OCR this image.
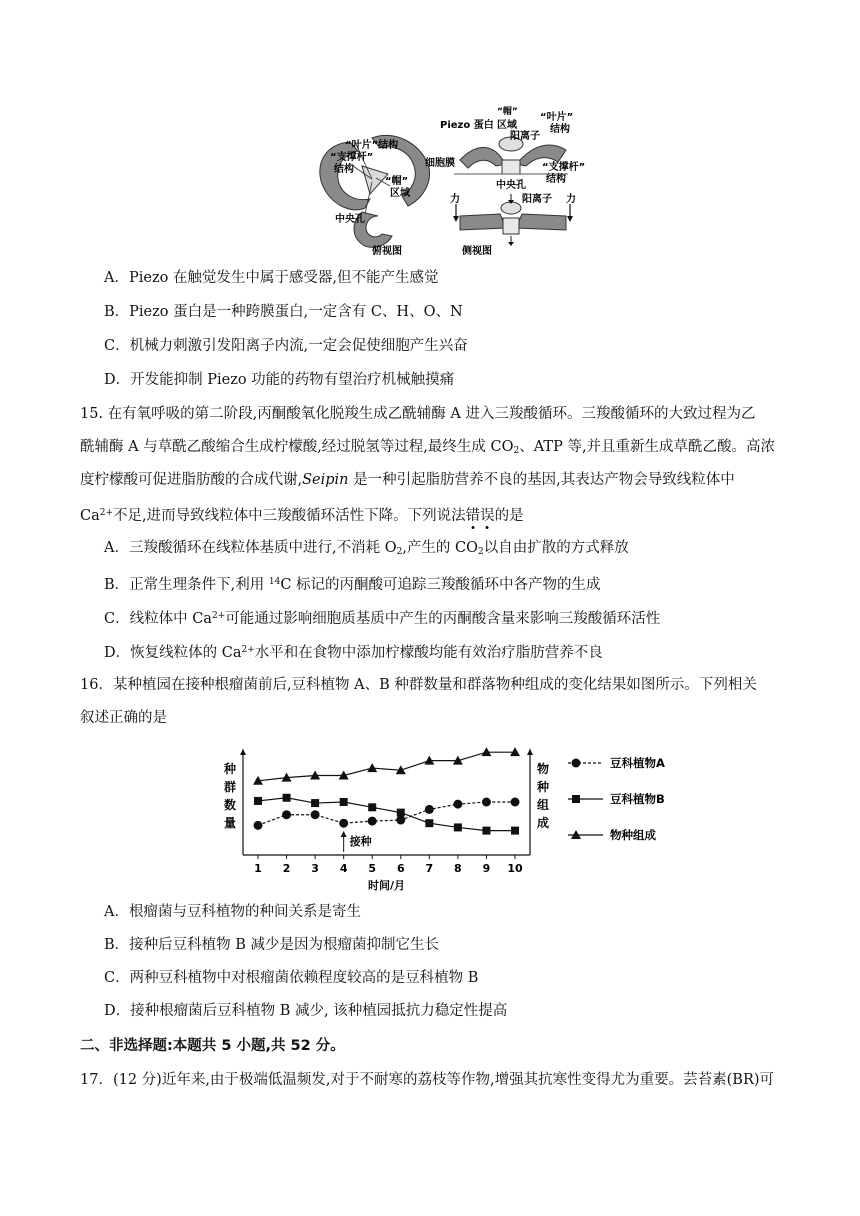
“叶片”结构
“支撑杆”
结构
“帽”
区域
中央孔
俯视图
“帽”
Piezo 蛋白 区域
阳离子
“叶片”
结构
细胞膜
中央孔
“支撑杆”
结构
力	阳离子 力
侧视图
A．Piezo 在触觉发生中属于感受器,但不能产生感觉
B．Piezo 蛋白是一种跨膜蛋白,一定含有 C、H、O、N
C．机械力刺激引发阳离子内流,一定会促使细胞产生兴奋
D．开发能抑制 Piezo 功能的药物有望治疗机械触摸痛
15. 在有氧呼吸的第二阶段,丙酮酸氧化脱羧生成乙酰辅酶 A 进入三羧酸循环。三羧酸循环的大致过程为乙
酰辅酶 A 与草酰乙酸缩合生成柠檬酸,经过脱氢等过程,最终生成 $CO_2$、ATP 等,并且重新生成草酰乙酸。高浓
度柠檬酸可促进脂肪酸的合成代谢,Seipin 是一种引起脂肪营养不良的基因,其表达产物会导致线粒体中
$Ca^{2+}$不足,进而导致线粒体中三羧酸循环活性下降。下列说法错误的是
A．三羧酸循环在线粒体基质中进行,不消耗 $O_2$,产生的 $CO_2$以自由扩散的方式释放
B．正常生理条件下,利用 $^{14}$C 标记的丙酮酸可追踪三羧酸循环中各产物的生成
C．线粒体中 $Ca^{2+}$可能通过影响细胞质基质中产生的丙酮酸含量来影响三羧酸循环活性
D．恢复线粒体的 $Ca^{2+}$水平和在食物中添加柠檬酸均能有效治疗脂肪营养不良
16．某种植园在接种根瘤菌前后,豆科植物 A、B 种群数量和群落物种组成的变化结果如图所示。下列相关
叙述正确的是
种
群
数
量
物
种
组
成
1 2 3 4 5 6 7 8 9 10
时间/月
接种
豆科植物A
豆科植物B
物种组成
A．根瘤菌与豆科植物的种间关系是寄生
B．接种后豆科植物 B 减少是因为根瘤菌抑制它生长
C．两种豆科植物中对根瘤菌依赖程度较高的是豆科植物 B
D．接种根瘤菌后豆科植物 B 减少, 该种植园抵抗力稳定性提高
二、非选择题:本题共 5 小题,共 52 分。
17．(12 分)近年来,由于极端低温频发,对于不耐寒的荔枝等作物,增强其抗寒性变得尤为重要。芸苔素(BR)可
